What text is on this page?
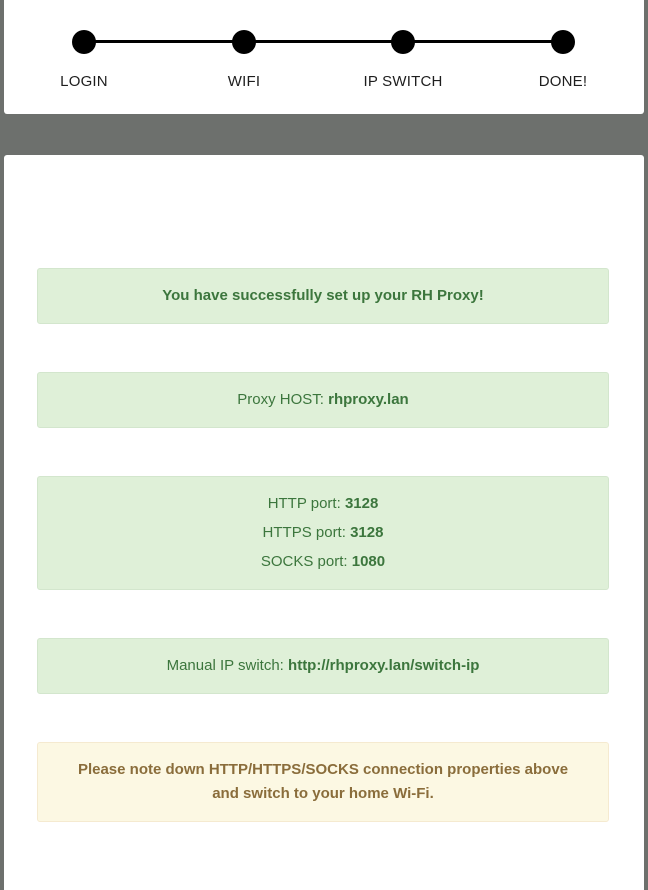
LOGIN	WIFI	IP SWITCH	DONE!
You have successfully set up your RH Proxy!
Proxy HOST: rhproxy.lan
HTTP port: 3128
HTTPS port: 3128
SOCKS port: 1080
Manual IP switch: http://rhproxy.lan/switch-ip
Please note down HTTP/HTTPS/SOCKS connection properties above
and switch to your home Wi-Fi.
